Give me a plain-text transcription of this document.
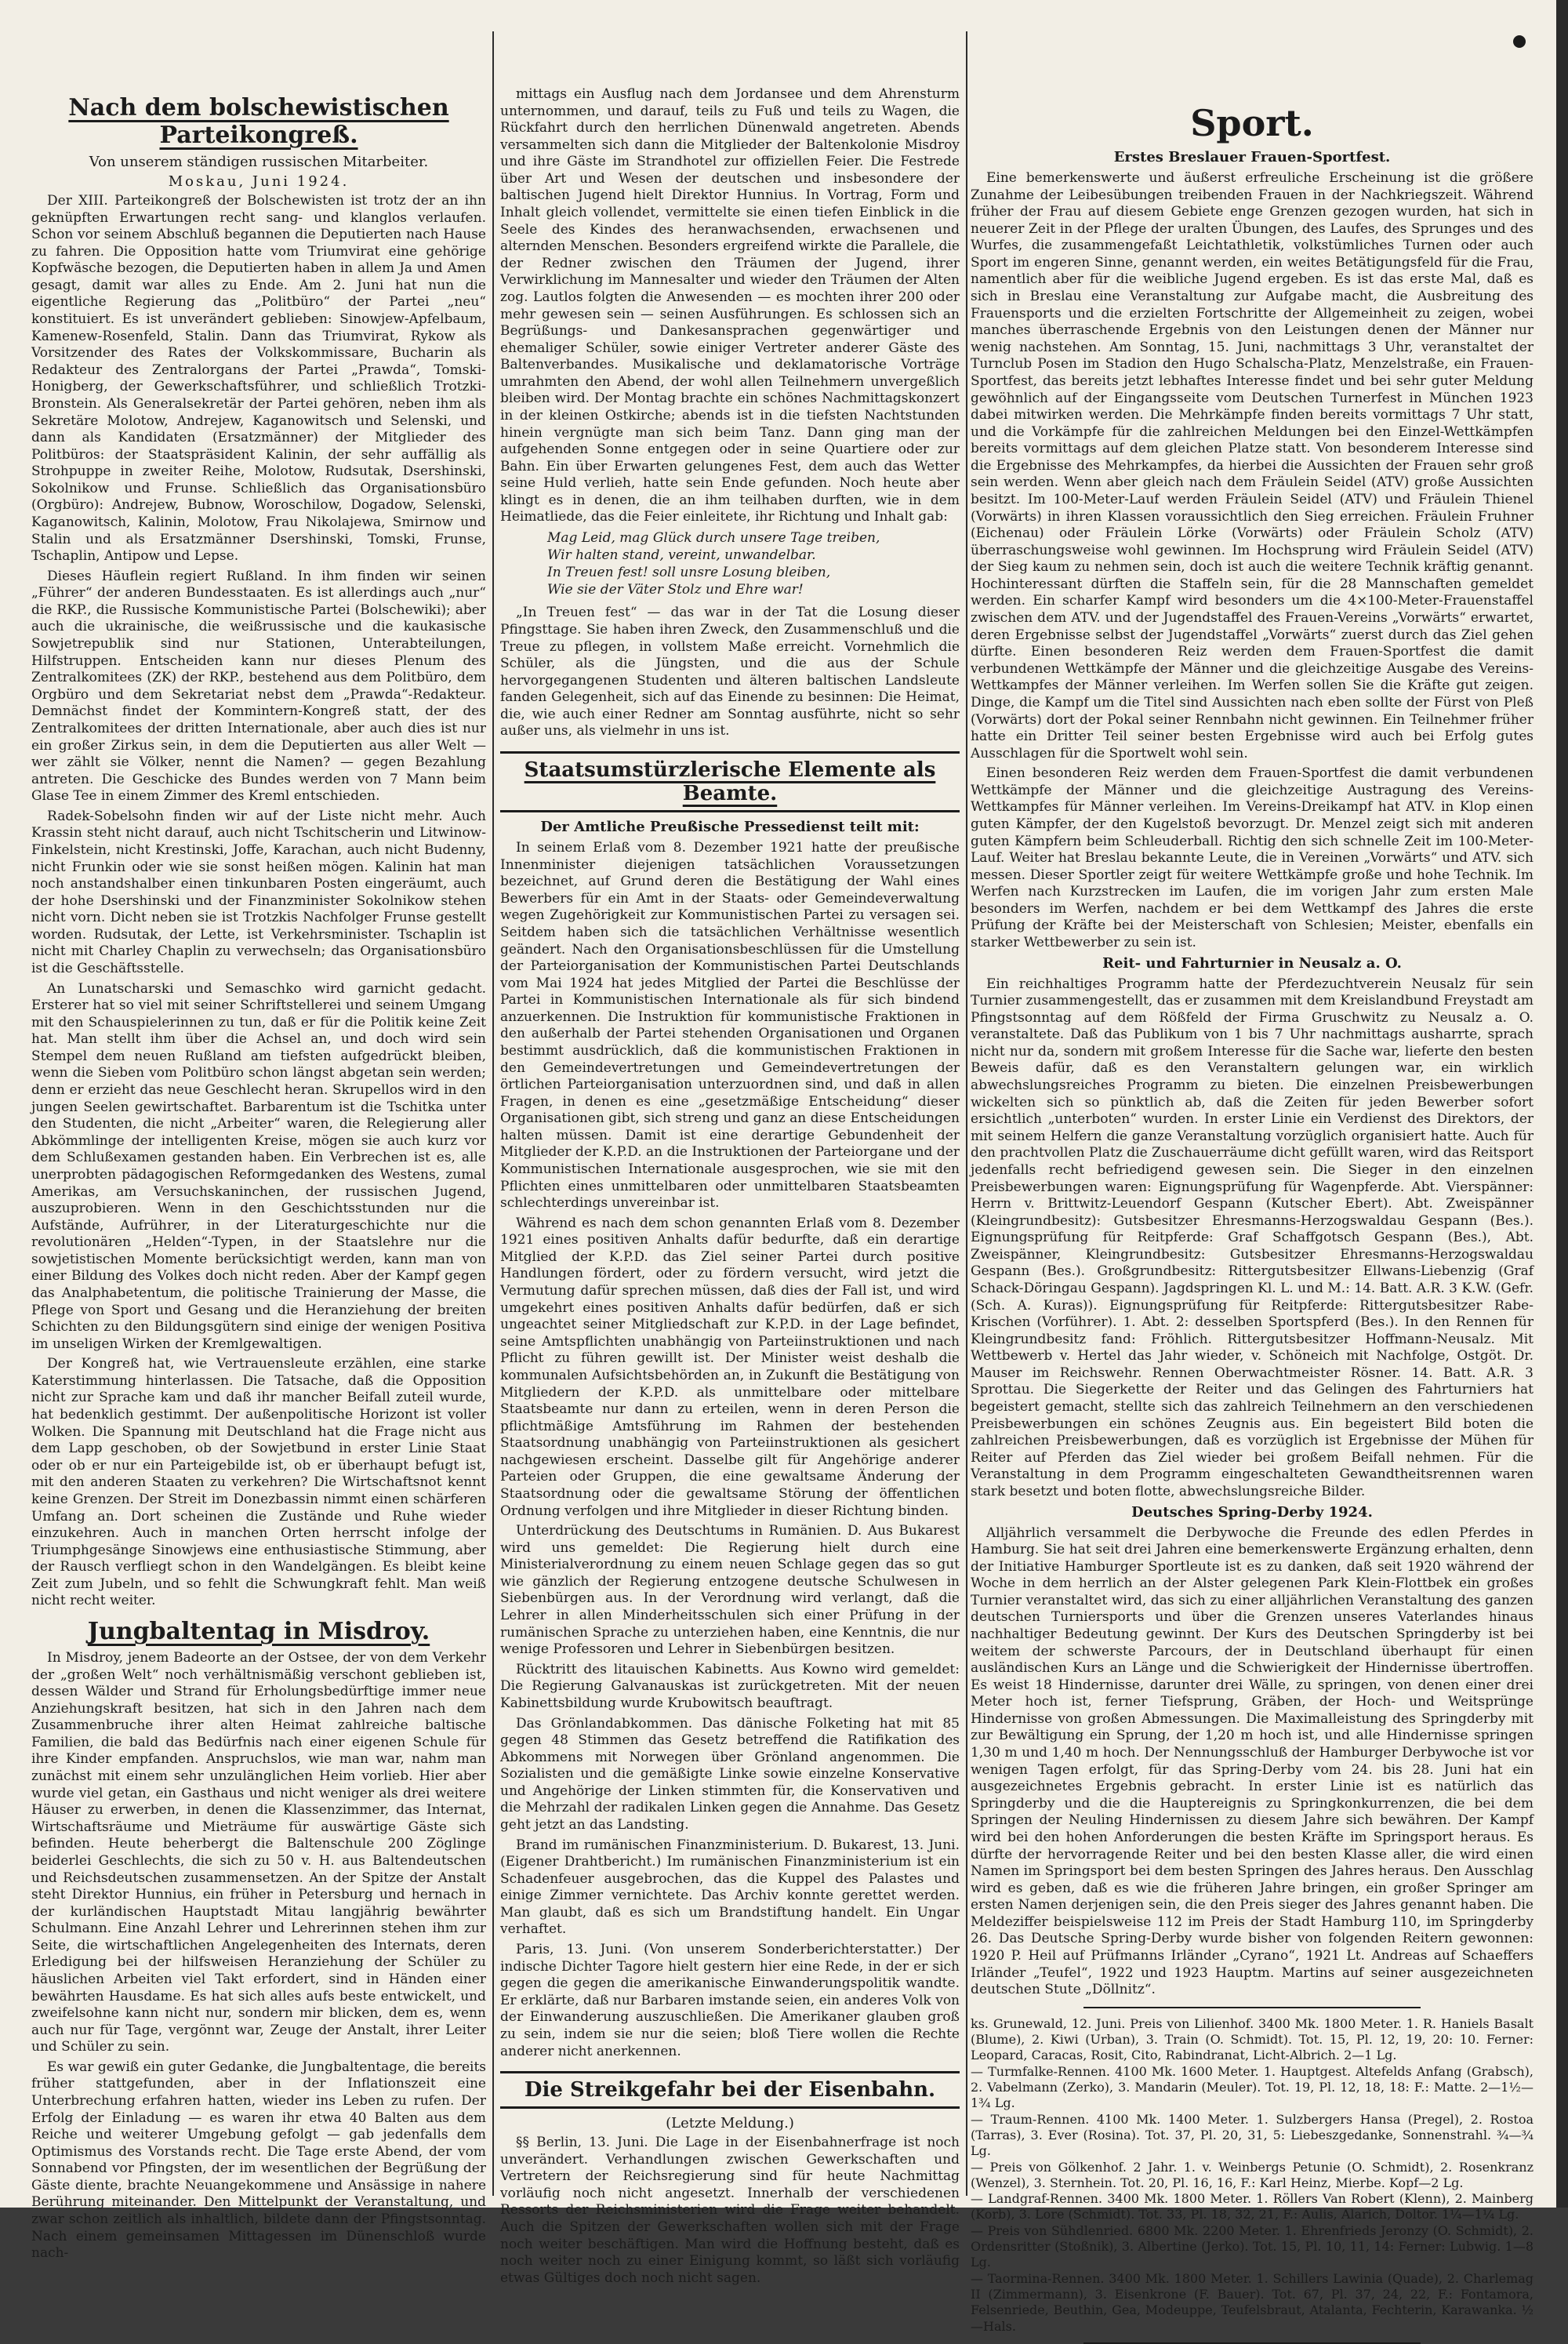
Nach dem bolschewistischen Parteikongreß.
Von unserem ständigen russischen Mitarbeiter.
Moskau, Juni 1924.

Der XIII. Parteikongreß der Bolschewisten ist trotz der an ihn geknüpften Erwartungen recht sang- und klanglos verlaufen. Schon vor seinem Abschluß begannen die Deputierten nach Hause zu fahren. Die Opposition hatte vom Triumvirat eine gehörige Kopfwäsche bezogen, die Deputierten haben in allem Ja und Amen gesagt, damit war alles zu Ende. Am 2. Juni hat nun die eigentliche Regierung das „Politbüro“ der Partei „neu“ konstituiert. Es ist unverändert geblieben: Sinowjew-Apfelbaum, Kamenew-Rosenfeld, Stalin. Dann das Triumvirat, Rykow als Vorsitzender des Rates der Volkskommissare, Bucharin als Redakteur des Zentralorgans der Partei „Prawda“, Tomski-Honigberg, der Gewerkschaftsführer, und schließlich Trotzki-Bronstein. Als Generalsekretär der Partei gehören, neben ihm als Sekretäre Molotow, Andrejew, Kaganowitsch und Selenski, und dann als Kandidaten (Ersatzmänner) der Mitglieder des Politbüros: der Staatspräsident Kalinin, der sehr auffällig als Strohpuppe in zweiter Reihe, Molotow, Rudsutak, Dsershinski, Sokolnikow und Frunse. Schließlich das Organisationsbüro (Orgbüro): Andrejew, Bubnow, Woroschilow, Dogadow, Selenski, Kaganowitsch, Kalinin, Molotow, Frau Nikolajewa, Smirnow und Stalin und als Ersatzmänner Dsershinski, Tomski, Frunse, Tschaplin, Antipow und Lepse.

Dieses Häuflein regiert Rußland. In ihm finden wir seinen „Führer“ der anderen Bundesstaaten. Es ist allerdings auch „nur“ die RKP., die Russische Kommunistische Partei (Bolschewiki); aber auch die ukrainische, die weißrussische und die kaukasische Sowjetrepublik sind nur Stationen, Unterabteilungen, Hilfstruppen. Entscheiden kann nur dieses Plenum des Zentralkomitees (ZK) der RKP., bestehend aus dem Politbüro, dem Orgbüro und dem Sekretariat nebst dem „Prawda“-Redakteur. Demnächst findet der Kommintern-Kongreß statt, der des Zentralkomitees der dritten Internationale, aber auch dies ist nur ein großer Zirkus sein, in dem die Deputierten aus aller Welt — wer zählt sie Völker, nennt die Namen? — gegen Bezahlung antreten. Die Geschicke des Bundes werden von 7 Mann beim Glase Tee in einem Zimmer des Kreml entschieden.

Radek-Sobelsohn finden wir auf der Liste nicht mehr. Auch Krassin steht nicht darauf, auch nicht Tschitscherin und Litwinow-Finkelstein, nicht Krestinski, Joffe, Karachan, auch nicht Budenny, nicht Frunkin oder wie sie sonst heißen mögen. Kalinin hat man noch anstandshalber einen tinkunbaren Posten eingeräumt, auch der hohe Dsershinski und der Finanzminister Sokolnikow stehen nicht vorn. Dicht neben sie ist Trotzkis Nachfolger Frunse gestellt worden. Rudsutak, der Lette, ist Verkehrsminister. Tschaplin ist nicht mit Charley Chaplin zu verwechseln; das Organisationsbüro ist die Geschäftsstelle.

An Lunatscharski und Semaschko wird garnicht gedacht. Ersterer hat so viel mit seiner Schriftstellerei und seinem Umgang mit den Schauspielerinnen zu tun, daß er für die Politik keine Zeit hat. Man stellt ihm über die Achsel an, und doch wird sein Stempel dem neuen Rußland am tiefsten aufgedrückt bleiben, wenn die Sieben vom Politbüro schon längst abgetan sein werden; denn er erzieht das neue Geschlecht heran. Skrupellos wird in den jungen Seelen gewirtschaftet. Barbarentum ist die Tschitka unter den Studenten, die nicht „Arbeiter“ waren, die Relegierung aller Abkömmlinge der intelligenten Kreise, mögen sie auch kurz vor dem Schlußexamen gestanden haben. Ein Verbrechen ist es, alle unerprobten pädagogischen Reformgedanken des Westens, zumal Amerikas, am Versuchskaninchen, der russischen Jugend, auszuprobieren. Wenn in den Geschichtsstunden nur die Aufstände, Aufrührer, in der Literaturgeschichte nur die revolutionären „Helden“-Typen, in der Staatslehre nur die sowjetistischen Momente berücksichtigt werden, kann man von einer Bildung des Volkes doch nicht reden. Aber der Kampf gegen das Analphabetentum, die politische Trainierung der Masse, die Pflege von Sport und Gesang und die Heranziehung der breiten Schichten zu den Bildungsgütern sind einige der wenigen Positiva im unseligen Wirken der Kremlgewaltigen.

Der Kongreß hat, wie Vertrauensleute erzählen, eine starke Katerstimmung hinterlassen. Die Tatsache, daß die Opposition nicht zur Sprache kam und daß ihr mancher Beifall zuteil wurde, hat bedenklich gestimmt. Der außenpolitische Horizont ist voller Wolken. Die Spannung mit Deutschland hat die Frage nicht aus dem Lapp geschoben, ob der Sowjetbund in erster Linie Staat oder ob er nur ein Parteigebilde ist, ob er überhaupt befugt ist, mit den anderen Staaten zu verkehren? Die Wirtschaftsnot kennt keine Grenzen. Der Streit im Donezbassin nimmt einen schärferen Umfang an. Dort scheinen die Zustände und Ruhe wieder einzukehren. Auch in manchen Orten herrscht infolge der Triumphgesänge Sinowjews eine enthusiastische Stimmung, aber der Rausch verfliegt schon in den Wandelgängen. Es bleibt keine Zeit zum Jubeln, und so fehlt die Schwungkraft fehlt. Man weiß nicht recht weiter.

Jungbaltentag in Misdroy.

In Misdroy, jenem Badeorte an der Ostsee, der von dem Verkehr der „großen Welt“ noch verhältnismäßig verschont geblieben ist, dessen Wälder und Strand für Erholungsbedürftige immer neue Anziehungskraft besitzen, hat sich in den Jahren nach dem Zusammenbruche ihrer alten Heimat zahlreiche baltische Familien, die bald das Bedürfnis nach einer eigenen Schule für ihre Kinder empfanden. Anspruchslos, wie man war, nahm man zunächst mit einem sehr unzulänglichen Heim vorlieb. Hier aber wurde viel getan, ein Gasthaus und nicht weniger als drei weitere Häuser zu erwerben, in denen die Klassenzimmer, das Internat, Wirtschaftsräume und Mieträume für auswärtige Gäste sich befinden. Heute beherbergt die Baltenschule 200 Zöglinge beiderlei Geschlechts, die sich zu 50 v. H. aus Baltendeutschen und Reichsdeutschen zusammensetzen. An der Spitze der Anstalt steht Direktor Hunnius, ein früher in Petersburg und hernach in der kurländischen Hauptstadt Mitau langjährig bewährter Schulmann. Eine Anzahl Lehrer und Lehrerinnen stehen ihm zur Seite, die wirtschaftlichen Angelegenheiten des Internats, deren Erledigung bei der hilfsweisen Heranziehung der Schüler zu häuslichen Arbeiten viel Takt erfordert, sind in Händen einer bewährten Hausdame. Es hat sich alles aufs beste entwickelt, und zweifelsohne kann nicht nur, sondern mir blicken, dem es, wenn auch nur für Tage, vergönnt war, Zeuge der Anstalt, ihrer Leiter und Schüler zu sein.

Es war gewiß ein guter Gedanke, die Jungbaltentage, die bereits früher stattgefunden, aber in der Inflationszeit eine Unterbrechung erfahren hatten, wieder ins Leben zu rufen. Der Erfolg der Einladung — es waren ihr etwa 40 Balten aus dem Reiche und weiterer Umgebung gefolgt — gab jedenfalls dem Optimismus des Vorstands recht. Die Tage erste Abend, der vom Sonnabend vor Pfingsten, der im wesentlichen der Begrüßung der Gäste diente, brachte Neuangekommene und Ansässige in nahere Berührung miteinander. Den Mittelpunkt der Veranstaltung, und zwar schon zeitlich als inhaltlich, bildete dann der Pfingstsonntag. Nach einem gemeinsamen Mittagessen im Dünenschloß wurde nach-

mittags ein Ausflug nach dem Jordansee und dem Ahrensturm unternommen, und darauf, teils zu Fuß und teils zu Wagen, die Rückfahrt durch den herrlichen Dünenwald angetreten. Abends versammelten sich dann die Mitglieder der Baltenkolonie Misdroy und ihre Gäste im Strandhotel zur offiziellen Feier. Die Festrede über Art und Wesen der deutschen und insbesondere der baltischen Jugend hielt Direktor Hunnius. In Vortrag, Form und Inhalt gleich vollendet, vermittelte sie einen tiefen Einblick in die Seele des Kindes des heranwachsenden, erwachsenen und alternden Menschen. Besonders ergreifend wirkte die Parallele, die der Redner zwischen den Träumen der Jugend, ihrer Verwirklichung im Mannesalter und wieder den Träumen der Alten zog. Lautlos folgten die Anwesenden — es mochten ihrer 200 oder mehr gewesen sein — seinen Ausführungen. Es schlossen sich an Begrüßungs- und Dankesansprachen gegenwärtiger und ehemaliger Schüler, sowie einiger Vertreter anderer Gäste des Baltenverbandes. Musikalische und deklamatorische Vorträge umrahmten den Abend, der wohl allen Teilnehmern unvergeßlich bleiben wird. Der Montag brachte ein schönes Nachmittagskonzert in der kleinen Ostkirche; abends ist in die tiefsten Nachtstunden hinein vergnügte man sich beim Tanz. Dann ging man der aufgehenden Sonne entgegen oder in seine Quartiere oder zur Bahn. Ein über Erwarten gelungenes Fest, dem auch das Wetter seine Huld verlieh, hatte sein Ende gefunden. Noch heute aber klingt es in denen, die an ihm teilhaben durften, wie in dem Heimatliede, das die Feier einleitete, ihr Richtung und Inhalt gab:

Mag Leid, mag Glück durch unsere Tage treiben,
Wir halten stand, vereint, unwandelbar.
In Treuen fest! soll unsre Losung bleiben,
Wie sie der Väter Stolz und Ehre war!

„In Treuen fest“ — das war in der Tat die Losung dieser Pfingsttage. Sie haben ihren Zweck, den Zusammenschluß und die Treue zu pflegen, in vollstem Maße erreicht. Vornehmlich die Schüler, als die Jüngsten, und die aus der Schule hervorgegangenen Studenten und älteren baltischen Landsleute fanden Gelegenheit, sich auf das Einende zu besinnen: Die Heimat, die, wie auch einer Redner am Sonntag ausführte, nicht so sehr außer uns, als vielmehr in uns ist.

Staatsumstürzlerische Elemente als Beamte.
Der Amtliche Preußische Pressedienst teilt mit:

In seinem Erlaß vom 8. Dezember 1921 hatte der preußische Innenminister diejenigen tatsächlichen Voraussetzungen bezeichnet, auf Grund deren die Bestätigung der Wahl eines Bewerbers für ein Amt in der Staats- oder Gemeindeverwaltung wegen Zugehörigkeit zur Kommunistischen Partei zu versagen sei. Seitdem haben sich die tatsächlichen Verhältnisse wesentlich geändert. Nach den Organisationsbeschlüssen für die Umstellung der Parteiorganisation der Kommunistischen Partei Deutschlands vom Mai 1924 hat jedes Mitglied der Partei die Beschlüsse der Partei in Kommunistischen Internationale als für sich bindend anzuerkennen. Die Instruktion für kommunistische Fraktionen in den außerhalb der Partei stehenden Organisationen und Organen bestimmt ausdrücklich, daß die kommunistischen Fraktionen in den Gemeindevertretungen und Gemeindevertretungen der örtlichen Parteiorganisation unterzuordnen sind, und daß in allen Fragen, in denen es eine „gesetzmäßige Entscheidung“ dieser Organisationen gibt, sich streng und ganz an diese Entscheidungen halten müssen. Damit ist eine derartige Gebundenheit der Mitglieder der K.P.D. an die Instruktionen der Parteiorgane und der Kommunistischen Internationale ausgesprochen, wie sie mit den Pflichten eines unmittelbaren oder unmittelbaren Staatsbeamten schlechterdings unvereinbar ist.

Während es nach dem schon genannten Erlaß vom 8. Dezember 1921 eines positiven Anhalts dafür bedurfte, daß ein derartige Mitglied der K.P.D. das Ziel seiner Partei durch positive Handlungen fördert, oder zu fördern versucht, wird jetzt die Vermutung dafür sprechen müssen, daß dies der Fall ist, und wird umgekehrt eines positiven Anhalts dafür bedürfen, daß er sich ungeachtet seiner Mitgliedschaft zur K.P.D. in der Lage befindet, seine Amtspflichten unabhängig von Parteiinstruktionen und nach Pflicht zu führen gewillt ist. Der Minister weist deshalb die kommunalen Aufsichtsbehörden an, in Zukunft die Bestätigung von Mitgliedern der K.P.D. als unmittelbare oder mittelbare Staatsbeamte nur dann zu erteilen, wenn in deren Person die pflichtmäßige Amtsführung im Rahmen der bestehenden Staatsordnung unabhängig von Parteiinstruktionen als gesichert nachgewiesen erscheint. Dasselbe gilt für Angehörige anderer Parteien oder Gruppen, die eine gewaltsame Änderung der Staatsordnung oder die gewaltsame Störung der öffentlichen Ordnung verfolgen und ihre Mitglieder in dieser Richtung binden.

Unterdrückung des Deutschtums in Rumänien. D. Aus Bukarest wird uns gemeldet: Die Regierung hielt durch eine Ministerialverordnung zu einem neuen Schlage gegen das so gut wie gänzlich der Regierung entzogene deutsche Schulwesen in Siebenbürgen aus. In der Verordnung wird verlangt, daß die Lehrer in allen Minderheitsschulen sich einer Prüfung in der rumänischen Sprache zu unterziehen haben, eine Kenntnis, die nur wenige Professoren und Lehrer in Siebenbürgen besitzen.

Rücktritt des litauischen Kabinetts. Aus Kowno wird gemeldet: Die Regierung Galvanauskas ist zurückgetreten. Mit der neuen Kabinettsbildung wurde Krubowitsch beauftragt.

Das Grönlandabkommen. Das dänische Folketing hat mit 85 gegen 48 Stimmen das Gesetz betreffend die Ratifikation des Abkommens mit Norwegen über Grönland angenommen. Die Sozialisten und die gemäßigte Linke sowie einzelne Konservative und Angehörige der Linken stimmten für, die Konservativen und die Mehrzahl der radikalen Linken gegen die Annahme. Das Gesetz geht jetzt an das Landsting.

Brand im rumänischen Finanzministerium. D. Bukarest, 13. Juni. (Eigener Drahtbericht.) Im rumänischen Finanzministerium ist ein Schadenfeuer ausgebrochen, das die Kuppel des Palastes und einige Zimmer vernichtete. Das Archiv konnte gerettet werden. Man glaubt, daß es sich um Brandstiftung handelt. Ein Ungar verhaftet.

Paris, 13. Juni. (Von unserem Sonderberichterstatter.) Der indische Dichter Tagore hielt gestern hier eine Rede, in der er sich gegen die gegen die amerikanische Einwanderungspolitik wandte. Er erklärte, daß nur Barbaren imstande seien, ein anderes Volk von der Einwanderung auszuschließen. Die Amerikaner glauben groß zu sein, indem sie nur die seien; bloß Tiere wollen die Rechte anderer nicht anerkennen.

Die Streikgefahr bei der Eisenbahn.
(Letzte Meldung.)

§§ Berlin, 13. Juni. Die Lage in der Eisenbahnerfrage ist noch unverändert. Verhandlungen zwischen Gewerkschaften und Vertretern der Reichsregierung sind für heute Nachmittag vorläufig noch nicht angesetzt. Innerhalb der verschiedenen Ressorts der Reichsministerien wird die Frage weiter behandelt. Auch die Spitzen der Gewerkschaften wollen sich mit der Frage noch weiter beschäftigen. Man wird die Hoffnung besteht, daß es noch weiter noch zu einer Einigung kommt, so läßt sich vorläufig etwas Gültiges doch noch nicht sagen.

Sport.
Erstes Breslauer Frauen-Sportfest.

Eine bemerkenswerte und äußerst erfreuliche Erscheinung ist die größere Zunahme der Leibesübungen treibenden Frauen in der Nachkriegszeit. Während früher der Frau auf diesem Gebiete enge Grenzen gezogen wurden, hat sich in neuerer Zeit in der Pflege der uralten Übungen, des Laufes, des Sprunges und des Wurfes, die zusammengefaßt Leichtathletik, volkstümliches Turnen oder auch Sport im engeren Sinne, genannt werden, ein weites Betätigungsfeld für die Frau, namentlich aber für die weibliche Jugend ergeben. Es ist das erste Mal, daß es sich in Breslau eine Veranstaltung zur Aufgabe macht, die Ausbreitung des Frauensports und die erzielten Fortschritte der Allgemeinheit zu zeigen, wobei manches überraschende Ergebnis von den Leistungen denen der Männer nur wenig nachstehen. Am Sonntag, 15. Juni, nachmittags 3 Uhr, veranstaltet der Turnclub Posen im Stadion den Hugo Schalscha-Platz, Menzelstraße, ein Frauen-Sportfest, das bereits jetzt lebhaftes Interesse findet und bei sehr guter Meldung gewöhnlich auf der Eingangsseite vom Deutschen Turnerfest in München 1923 dabei mitwirken werden. Die Mehrkämpfe finden bereits vormittags 7 Uhr statt, und die Vorkämpfe für die zahlreichen Meldungen bei den Einzel-Wettkämpfen bereits vormittags auf dem gleichen Platze statt. Von besonderem Interesse sind die Ergebnisse des Mehrkampfes, da hierbei die Aussichten der Frauen sehr groß sein werden. Wenn aber gleich nach dem Fräulein Seidel (ATV) große Aussichten besitzt. Im 100-Meter-Lauf werden Fräulein Seidel (ATV) und Fräulein Thienel (Vorwärts) in ihren Klassen voraussichtlich den Sieg erreichen. Fräulein Fruhner (Eichenau) oder Fräulein Lörke (Vorwärts) oder Fräulein Scholz (ATV) überraschungsweise wohl gewinnen. Im Hochsprung wird Fräulein Seidel (ATV) der Sieg kaum zu nehmen sein, doch ist auch die weitere Technik kräftig genannt. Hochinteressant dürften die Staffeln sein, für die 28 Mannschaften gemeldet werden. Ein scharfer Kampf wird besonders um die 4×100-Meter-Frauenstaffel zwischen dem ATV. und der Jugendstaffel des Frauen-Vereins „Vorwärts“ erwartet, deren Ergebnisse selbst der Jugendstaffel „Vorwärts“ zuerst durch das Ziel gehen dürfte. Einen besonderen Reiz werden dem Frauen-Sportfest die damit verbundenen Wettkämpfe der Männer und die gleichzeitige Ausgabe des Vereins-Wettkampfes der Männer verleihen. Im Werfen sollen Sie die Kräfte gut zeigen. Dinge, die Kampf um die Titel sind Aussichten nach eben sollte der Fürst von Pleß (Vorwärts) dort der Pokal seiner Rennbahn nicht gewinnen. Ein Teilnehmer früher hatte ein Dritter Teil seiner besten Ergebnisse wird auch bei Erfolg gutes Ausschlagen für die Sportwelt wohl sein.

Einen besonderen Reiz werden dem Frauen-Sportfest die damit verbundenen Wettkämpfe der Männer und die gleichzeitige Austragung des Vereins-Wettkampfes für Männer verleihen. Im Vereins-Dreikampf hat ATV. in Klop einen guten Kämpfer, der den Kugelstoß bevorzugt. Dr. Menzel zeigt sich mit anderen guten Kämpfern beim Schleuderball. Richtig den sich schnelle Zeit im 100-Meter-Lauf. Weiter hat Breslau bekannte Leute, die in Vereinen „Vorwärts“ und ATV. sich messen. Dieser Sportler zeigt für weitere Wettkämpfe große und hohe Technik. Im Werfen nach Kurzstrecken im Laufen, die im vorigen Jahr zum ersten Male besonders im Werfen, nachdem er bei dem Wettkampf des Jahres die erste Prüfung der Kräfte bei der Meisterschaft von Schlesien; Meister, ebenfalls ein starker Wettbewerber zu sein ist.

Reit- und Fahrturnier in Neusalz a. O.

Ein reichhaltiges Programm hatte der Pferdezuchtverein Neusalz für sein Turnier zusammengestellt, das er zusammen mit dem Kreislandbund Freystadt am Pfingstsonntag auf dem Rößfeld der Firma Gruschwitz zu Neusalz a. O. veranstaltete. Daß das Publikum von 1 bis 7 Uhr nachmittags ausharrte, sprach nicht nur da, sondern mit großem Interesse für die Sache war, lieferte den besten Beweis dafür, daß es den Veranstaltern gelungen war, ein wirklich abwechslungsreiches Programm zu bieten. Die einzelnen Preisbewerbungen wickelten sich so pünktlich ab, daß die Zeiten für jeden Bewerber sofort ersichtlich „unterboten“ wurden. In erster Linie ein Verdienst des Direktors, der mit seinem Helfern die ganze Veranstaltung vorzüglich organisiert hatte. Auch für den prachtvollen Platz die Zuschauerräume dicht gefüllt waren, wird das Reitsport jedenfalls recht befriedigend gewesen sein. Die Sieger in den einzelnen Preisbewerbungen waren: Eignungsprüfung für Wagenpferde. Abt. Vierspänner: Herrn v. Brittwitz-Leuendorf Gespann (Kutscher Ebert). Abt. Zweispänner (Kleingrundbesitz): Gutsbesitzer Ehresmanns-Herzogswaldau Gespann (Bes.). Eignungsprüfung für Reitpferde: Graf Schaffgotsch Gespann (Bes.), Abt. Zweispänner, Kleingrundbesitz: Gutsbesitzer Ehresmanns-Herzogswaldau Gespann (Bes.). Großgrundbesitz: Rittergutsbesitzer Ellwans-Liebenzig (Graf Schack-Döringau Gespann). Jagdspringen Kl. L. und M.: 14. Batt. A.R. 3 K.W. (Gefr. (Sch. A. Kuras)). Eignungsprüfung für Reitpferde: Rittergutsbesitzer Rabe-Krischen (Vorführer). 1. Abt. 2: desselben Sportspferd (Bes.). In den Rennen für Kleingrundbesitz fand: Fröhlich. Rittergutsbesitzer Hoffmann-Neusalz. Mit Wettbewerb v. Hertel das Jahr wieder, v. Schöneich mit Nachfolge, Ostgöt. Dr. Mauser im Reichswehr. Rennen Oberwachtmeister Rösner. 14. Batt. A.R. 3 Sprottau. Die Siegerkette der Reiter und das Gelingen des Fahrturniers hat begeistert gemacht, stellte sich das zahlreich Teilnehmern an den verschiedenen Preisbewerbungen ein schönes Zeugnis aus. Ein begeistert Bild boten die zahlreichen Preisbewerbungen, daß es vorzüglich ist Ergebnisse der Mühen für Reiter auf Pferden das Ziel wieder bei großem Beifall nehmen. Für die Veranstaltung in dem Programm eingeschalteten Gewandtheitsrennen waren stark besetzt und boten flotte, abwechslungsreiche Bilder.

Deutsches Spring-Derby 1924.

Alljährlich versammelt die Derbywoche die Freunde des edlen Pferdes in Hamburg. Sie hat seit drei Jahren eine bemerkenswerte Ergänzung erhalten, denn der Initiative Hamburger Sportleute ist es zu danken, daß seit 1920 während der Woche in dem herrlich an der Alster gelegenen Park Klein-Flottbek ein großes Turnier veranstaltet wird, das sich zu einer alljährlichen Veranstaltung des ganzen deutschen Turniersports und über die Grenzen unseres Vaterlandes hinaus nachhaltiger Bedeutung gewinnt. Der Kurs des Deutschen Springderby ist bei weitem der schwerste Parcours, der in Deutschland überhaupt für einen ausländischen Kurs an Länge und die Schwierigkeit der Hindernisse übertroffen. Es weist 18 Hindernisse, darunter drei Wälle, zu springen, von denen einer drei Meter hoch ist, ferner Tiefsprung, Gräben, der Hoch- und Weitsprünge Hindernisse von großen Abmessungen. Die Maximalleistung des Springderby mit zur Bewältigung ein Sprung, der 1,20 m hoch ist, und alle Hindernisse springen 1,30 m und 1,40 m hoch. Der Nennungsschluß der Hamburger Derbywoche ist vor wenigen Tagen erfolgt, für das Spring-Derby vom 24. bis 28. Juni hat ein ausgezeichnetes Ergebnis gebracht. In erster Linie ist es natürlich das Springderby und die die Hauptereignis zu Springkonkurrenzen, die bei dem Springen der Neuling Hindernissen zu diesem Jahre sich bewähren. Der Kampf wird bei den hohen Anforderungen die besten Kräfte im Springsport heraus. Es dürfte der hervorragende Reiter und bei den besten Klasse aller, die wird einen Namen im Springsport bei dem besten Springen des Jahres heraus. Den Ausschlag wird es geben, daß es wie die früheren Jahre bringen, ein großer Springer am ersten Namen derjenigen sein, die den Preis sieger des Jahres genannt haben. Die Meldeziffer beispielsweise 112 im Preis der Stadt Hamburg 110, im Springderby 26. Das Deutsche Spring-Derby wurde bisher von folgenden Reitern gewonnen: 1920 P. Heil auf Prüfmanns Irländer „Cyrano“, 1921 Lt. Andreas auf Schaeffers Irländer „Teufel“, 1922 und 1923 Hauptm. Martins auf seiner ausgezeichneten deutschen Stute „Döllnitz“.

ks. Grunewald, 12. Juni. Preis von Lilienhof. 3400 Mk. 1800 Meter. 1. R. Haniels Basalt (Blume), 2. Kiwi (Urban), 3. Train (O. Schmidt). Tot. 15, Pl. 12, 19, 20: 10. Ferner: Leopard, Caracas, Rosit, Cito, Rabindranat, Licht-Albrich. 2—1 Lg.

— Turmfalke-Rennen. 4100 Mk. 1600 Meter. 1. Hauptgest. Altefelds Anfang (Grabsch), 2. Vabelmann (Zerko), 3. Mandarin (Meuler). Tot. 19, Pl. 12, 18, 18: F.: Matte. 2—1½—1¾ Lg.

— Traum-Rennen. 4100 Mk. 1400 Meter. 1. Sulzbergers Hansa (Pregel), 2. Rostoa (Tarras), 3. Ever (Rosina). Tot. 37, Pl. 20, 31, 5: Liebeszgedanke, Sonnenstrahl. ¾—¾ Lg.

— Preis von Gölkenhof. 2 Jahr. 1. v. Weinbergs Petunie (O. Schmidt), 2. Rosenkranz (Wenzel), 3. Sternhein. Tot. 20, Pl. 16, 16, F.: Karl Heinz, Mierbe. Kopf—2 Lg.

— Landgraf-Rennen. 3400 Mk. 1800 Meter. 1. Röllers Van Robert (Klenn), 2. Mainberg (Korb), 3. Lore (Schmidt). Tot. 33, Pl. 18, 32, 21, F.: Aulis, Alarich, Doltor. 1¼—1¼ Lg.

— Preis von Sühdlenried. 6800 Mk. 2200 Meter. 1. Ehrenfrieds Jeronzy (O. Schmidt), 2. Ordensritter (Stoßnik), 3. Albertine (Jerko). Tot. 15, Pl. 10, 11, 14: Ferner: Lubwig. 1—8 Lg.

— Taormina-Rennen. 3400 Mk. 1800 Meter. 1. Schillers Lawinia (Quade), 2. Charlemag II (Zimmermann), 3. Eisenkrone (F. Bauer). Tot. 67, Pl. 37, 24, 22, F.: Fontamora, Felsenriede, Beuthin, Gea, Modeuppe, Teufelsbraut, Atalanta, Fechterin, Karawanka. ½—Hals.
